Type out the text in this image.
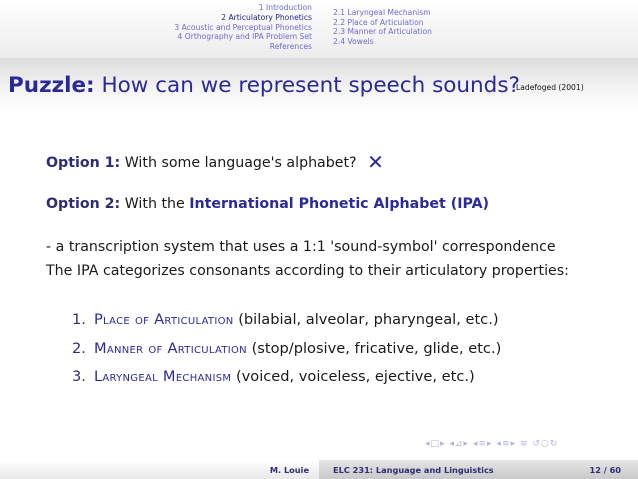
1 Introduction
2 Articulatory Phonetics
3 Acoustic and Perceptual Phonetics
4 Orthography and IPA Problem Set
References
2.1 Laryngeal Mechanism
2.2 Place of Articulation
2.3 Manner of Articulation
2.4 Vowels
Puzzle: How can we represent speech sounds?
Ladefoged (2001)
Option 1: With some language's alphabet? ✕
Option 2: With the International Phonetic Alphabet (IPA)
- a transcription system that uses a 1:1 'sound-symbol' correspondence
The IPA categorizes consonants according to their articulatory properties:
1. Place of Articulation (bilabial, alveolar, pharyngeal, etc.)
2. Manner of Articulation (stop/plosive, fricative, glide, etc.)
3. Laryngeal Mechanism (voiced, voiceless, ejective, etc.)
◂□▸ ◂⊿▸ ◂≡▸ ◂≡▸ ≡ ↺○↻
M. Louie	ELC 231: Language and Linguistics	12 / 60
